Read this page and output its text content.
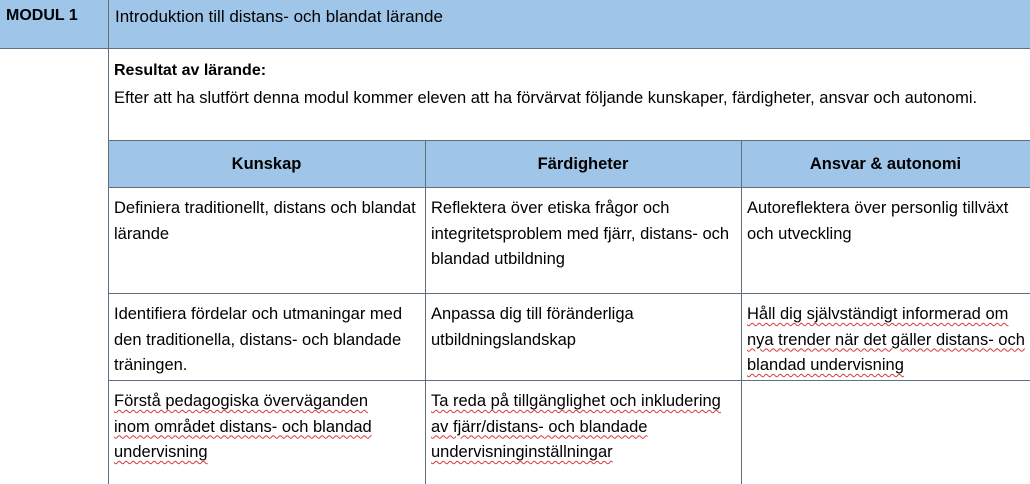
MODUL 1 Introduktion till distans- och blandat lärande
Resultat av lärande:
Efter att ha slutfört denna modul kommer eleven att ha förvärvat följande kunskaper, färdigheter, ansvar och autonomi.
Kunskap	Färdigheter	Ansvar & autonomi
Definiera traditionellt, distans och blandat lärande
Reflektera över etiska frågor och integritetsproblem med fjärr, distans- och blandad utbildning
Autoreflektera över personlig tillväxt och utveckling
Identifiera fördelar och utmaningar med den traditionella, distans- och blandade träningen.
Anpassa dig till föränderliga utbildningslandskap
Håll dig självständigt informerad om nya trender när det gäller distans- och blandad undervisning
Förstå pedagogiska överväganden inom området distans- och blandad undervisning
Ta reda på tillgänglighet och inkludering av fjärr/distans- och blandade undervisninginställningar
